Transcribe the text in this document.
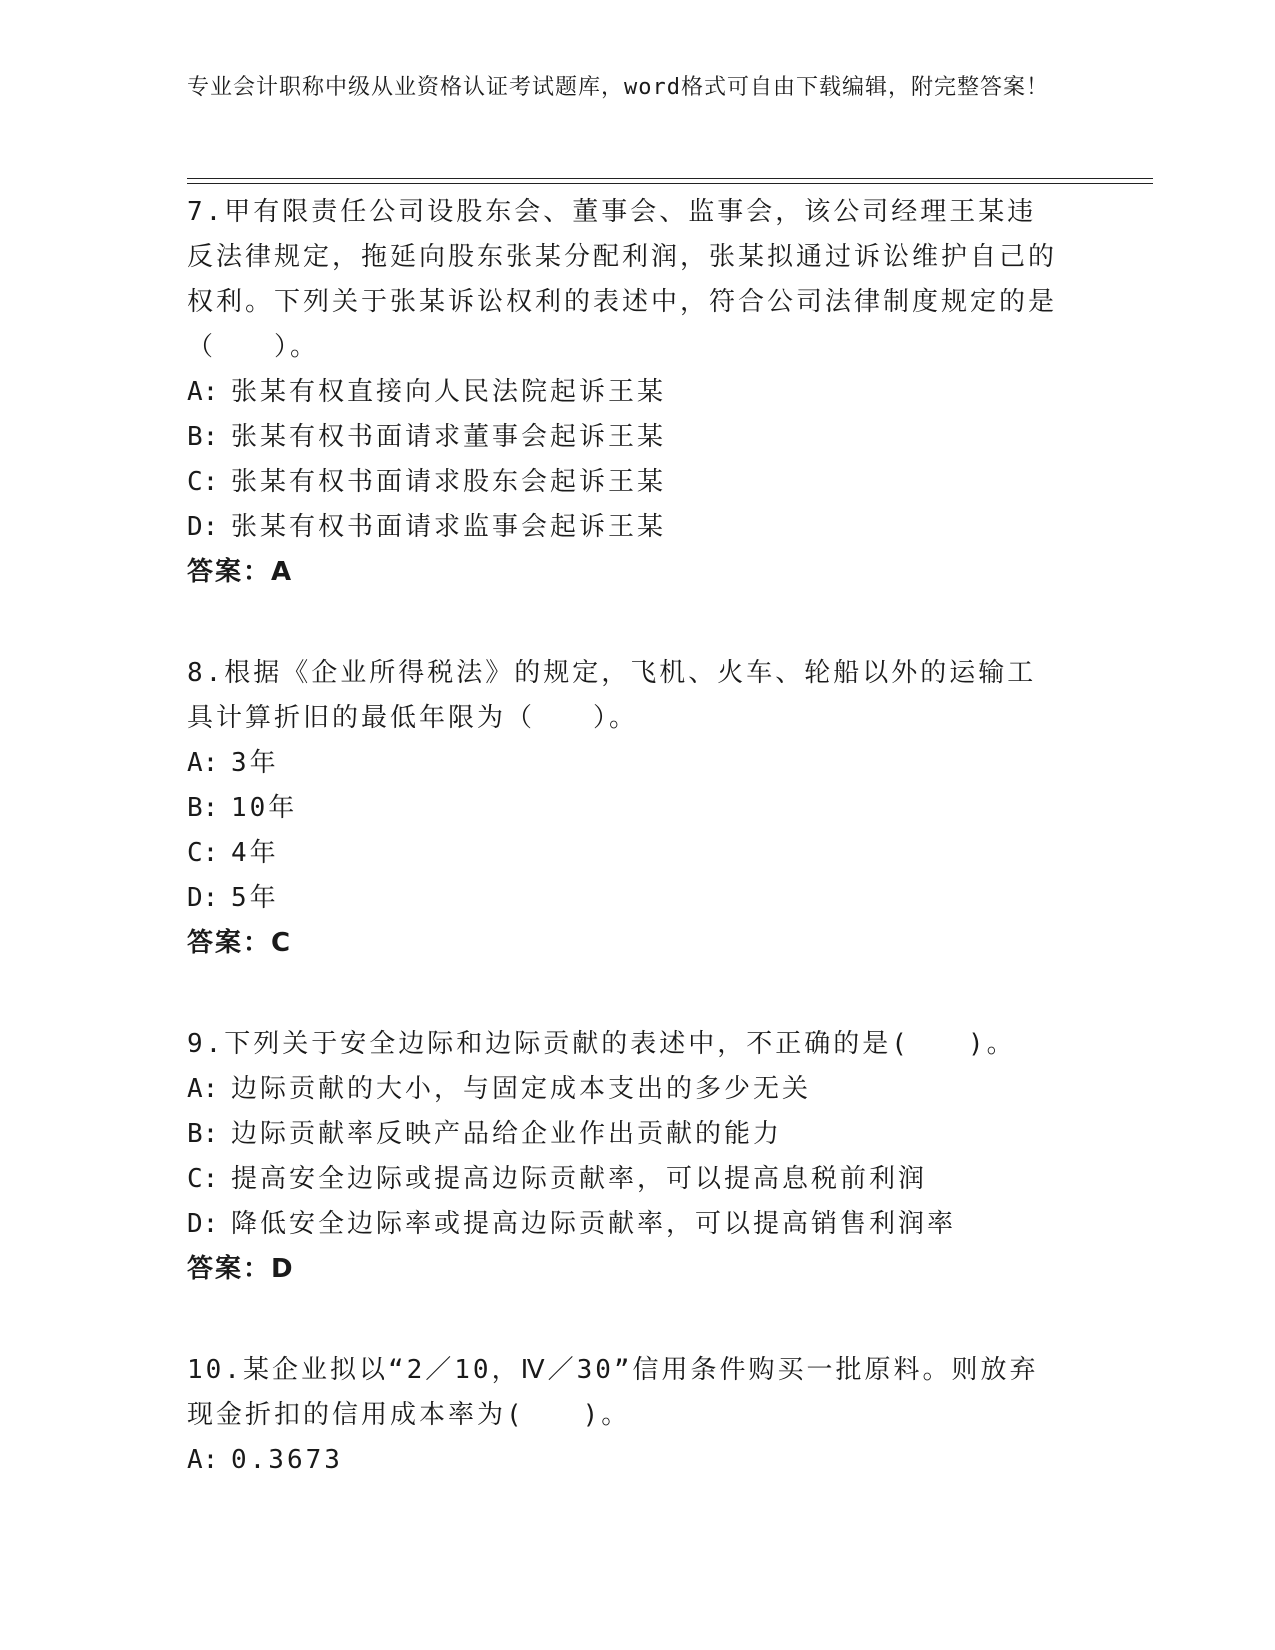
专业会计职称中级从业资格认证考试题库，word格式可自由下载编辑，附完整答案！

7.甲有限责任公司设股东会、董事会、监事会，该公司经理王某违反法律规定，拖延向股东张某分配利润，张某拟通过诉讼维护自己的权利。下列关于张某诉讼权利的表述中，符合公司法律制度规定的是（　　）。

A: 张某有权直接向人民法院起诉王某

B: 张某有权书面请求董事会起诉王某

C: 张某有权书面请求股东会起诉王某

D: 张某有权书面请求监事会起诉王某

答案：A

8.根据《企业所得税法》的规定，飞机、火车、轮船以外的运输工具计算折旧的最低年限为（　　）。

A: 3年

B: 10年

C: 4年

D: 5年

答案：C

9.下列关于安全边际和边际贡献的表述中，不正确的是(　　)。

A: 边际贡献的大小，与固定成本支出的多少无关

B: 边际贡献率反映产品给企业作出贡献的能力

C: 提高安全边际或提高边际贡献率，可以提高息税前利润

D: 降低安全边际率或提高边际贡献率，可以提高销售利润率

答案：D

10.某企业拟以“2／10，Ⅳ／30”信用条件购买一批原料。则放弃现金折扣的信用成本率为(　　)。

A: 0.3673
